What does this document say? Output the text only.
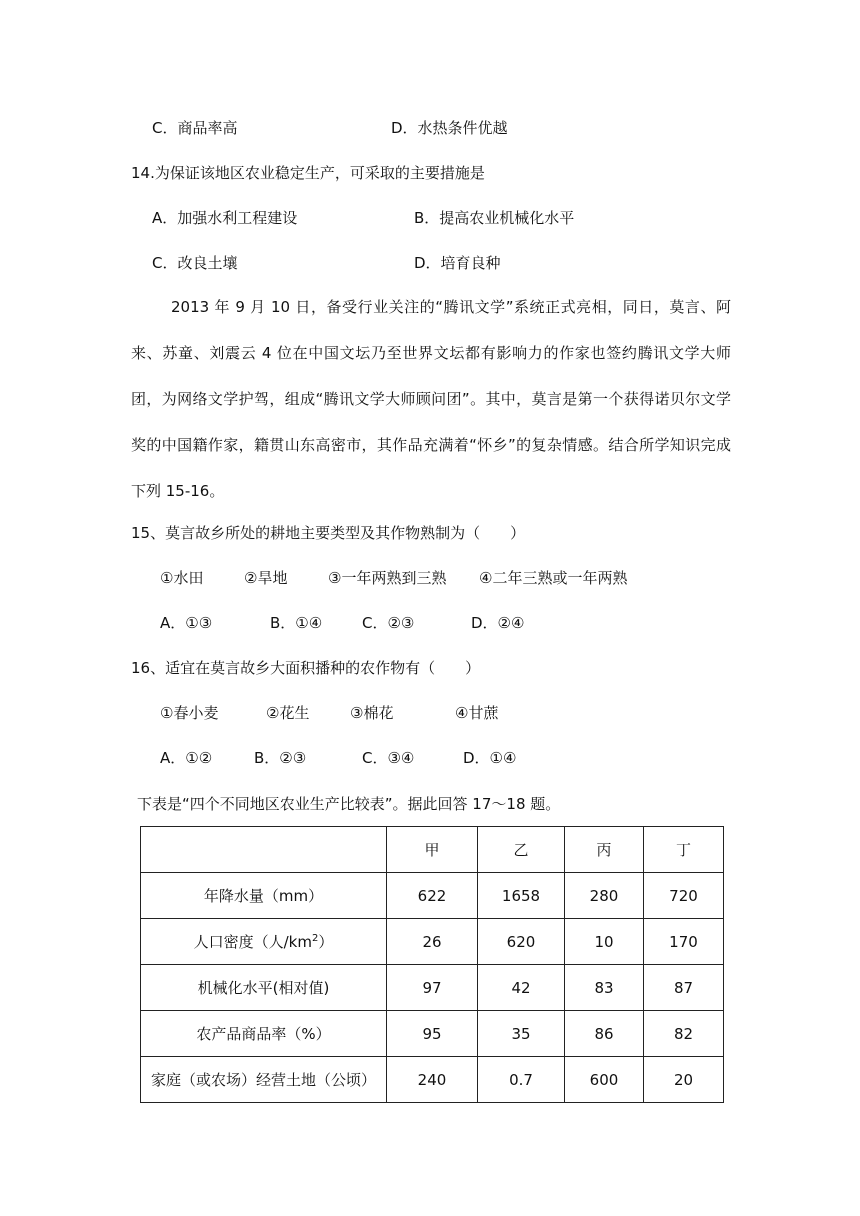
C．商品率高	D．水热条件优越
14.为保证该地区农业稳定生产，可采取的主要措施是
A．加强水利工程建设	B．提高农业机械化水平
C．改良土壤	D．培育良种
2013 年 9 月 10 日，备受行业关注的“腾讯文学”系统正式亮相，同日，莫言、阿来、苏童、刘震云 4 位在中国文坛乃至世界文坛都有影响力的作家也签约腾讯文学大师团，为网络文学护驾，组成“腾讯文学大师顾问团”。其中，莫言是第一个获得诺贝尔文学奖的中国籍作家，籍贯山东高密市，其作品充满着“怀乡”的复杂情感。结合所学知识完成下列 15-16。
15、莫言故乡所处的耕地主要类型及其作物熟制为（　　）
①水田	②旱地	③一年两熟到三熟 ④二年三熟或一年两熟
A．①③	B．①④	C．②③	D．②④
16、适宜在莫言故乡大面积播种的农作物有（　　）
①春小麦	②花生	③棉花	④甘蔗
A．①②	B．②③	C．③④	D．①④
下表是“四个不同地区农业生产比较表”。据此回答 17～18 题。
	甲	乙	丙	丁
年降水量（mm）	622	1658	280	720
人口密度（人$/km^2$）	26	620	10	170
机械化水平(相对值)	97	42	83	87
农产品商品率（%）	95	35	86	82
家庭（或农场）经营土地（公顷）	240	0.7	600	20
